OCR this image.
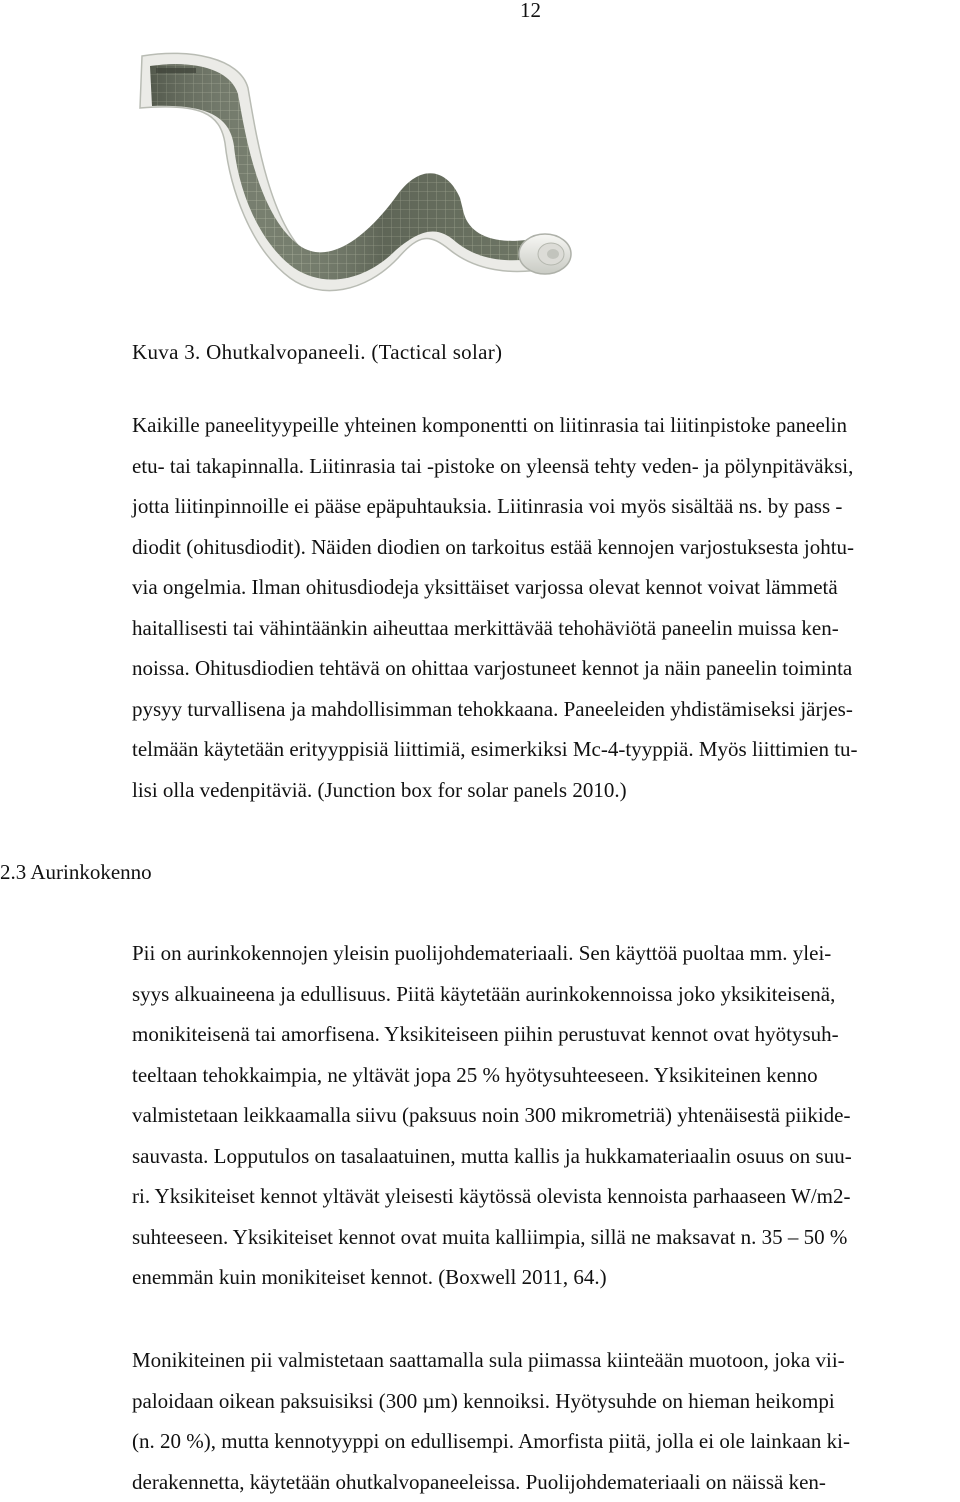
12
Kuva 3. Ohutkalvopaneeli. (Tactical solar)
Kaikille paneelityypeille yhteinen komponentti on liitinrasia tai liitinpistoke paneelin
etu- tai takapinnalla. Liitinrasia tai -pistoke on yleensä tehty veden- ja pölynpitäväksi,
jotta liitinpinnoille ei pääse epäpuhtauksia. Liitinrasia voi myös sisältää ns. by pass -
diodit (ohitusdiodit). Näiden diodien on tarkoitus estää kennojen varjostuksesta johtu-
via ongelmia. Ilman ohitusdiodeja yksittäiset varjossa olevat kennot voivat lämmetä
haitallisesti tai vähintäänkin aiheuttaa merkittävää tehohäviötä paneelin muissa ken-
noissa. Ohitusdiodien tehtävä on ohittaa varjostuneet kennot ja näin paneelin toiminta
pysyy turvallisena ja mahdollisimman tehokkaana. Paneeleiden yhdistämiseksi järjes-
telmään käytetään erityyppisiä liittimiä, esimerkiksi Mc-4-tyyppiä. Myös liittimien tu-
lisi olla vedenpitäviä. (Junction box for solar panels 2010.)
2.3 Aurinkokenno
Pii on aurinkokennojen yleisin puolijohdemateriaali. Sen käyttöä puoltaa mm. ylei-
syys alkuaineena ja edullisuus. Piitä käytetään aurinkokennoissa joko yksikiteisenä,
monikiteisenä tai amorfisena. Yksikiteiseen piihin perustuvat kennot ovat hyötysuh-
teeltaan tehokkaimpia, ne yltävät jopa 25 % hyötysuhteeseen. Yksikiteinen kenno
valmistetaan leikkaamalla siivu (paksuus noin 300 mikrometriä) yhtenäisestä piikide-
sauvasta. Lopputulos on tasalaatuinen, mutta kallis ja hukkamateriaalin osuus on suu-
ri. Yksikiteiset kennot yltävät yleisesti käytössä olevista kennoista parhaaseen W/m2-
suhteeseen. Yksikiteiset kennot ovat muita kalliimpia, sillä ne maksavat n. 35 – 50 %
enemmän kuin monikiteiset kennot. (Boxwell 2011, 64.)
Monikiteinen pii valmistetaan saattamalla sula piimassa kiinteään muotoon, joka vii-
paloidaan oikean paksuisiksi (300 µm) kennoiksi. Hyötysuhde on hieman heikompi
(n. 20 %), mutta kennotyyppi on edullisempi. Amorfista piitä, jolla ei ole lainkaan ki-
derakennetta, käytetään ohutkalvopaneeleissa. Puolijohdemateriaali on näissä ken-
